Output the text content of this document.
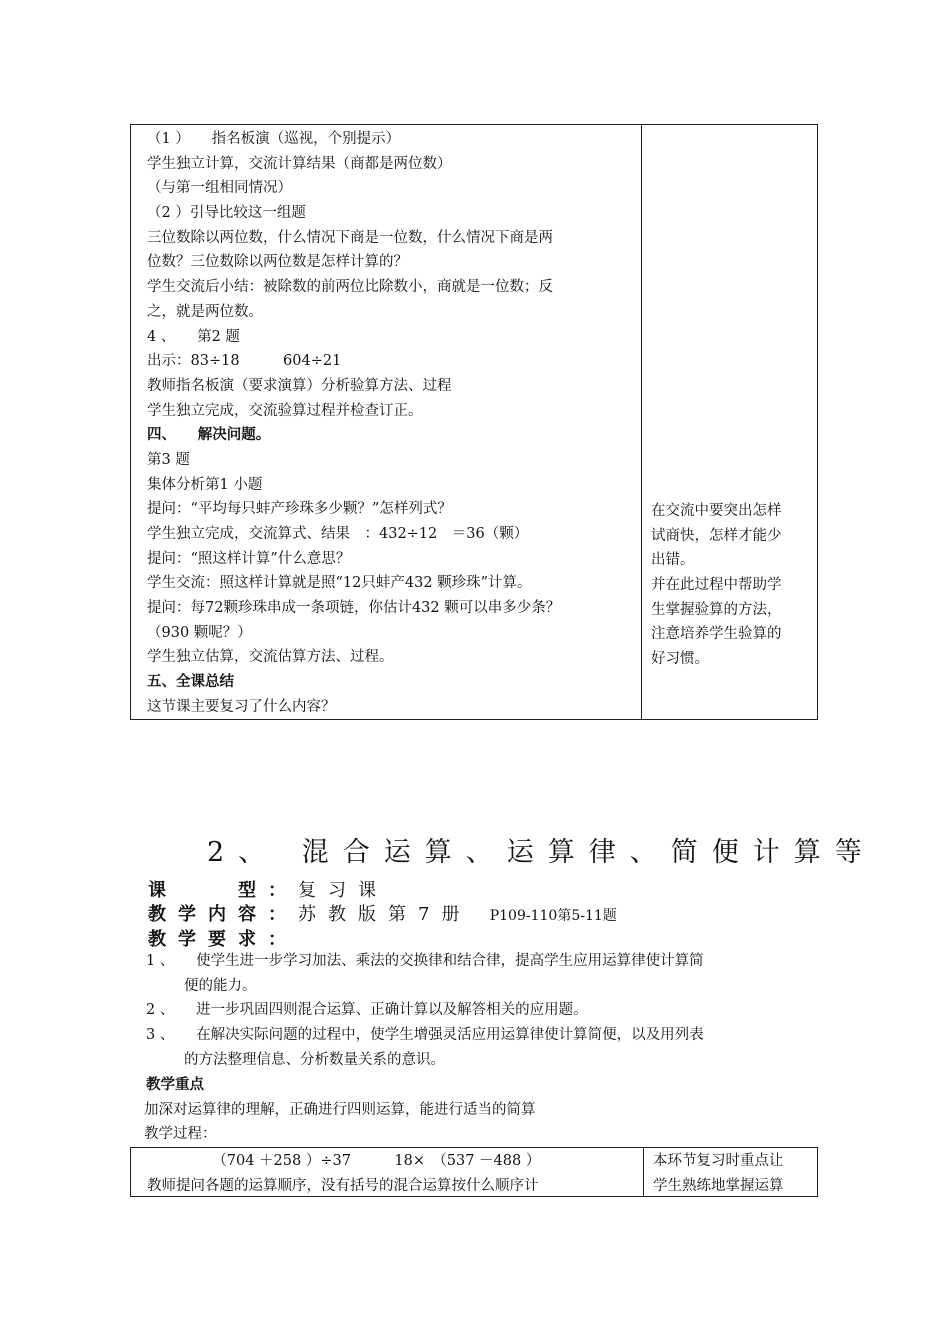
（1 ）　　指名板演（巡视，个别提示）
学生独立计算，交流计算结果（商都是两位数）
（与第一组相同情况）
（2 ）引导比较这一组题
三位数除以两位数，什么情况下商是一位数，什么情况下商是两
位数？三位数除以两位数是怎样计算的？
学生交流后小结：被除数的前两位比除数小，商就是一位数；反
之，就是两位数。
4 、　　第2 题
出示：83÷18　　　604÷21
教师指名板演（要求演算）分析验算方法、过程
学生独立完成，交流验算过程并检查订正。
四、　　解决问题。
第3 题
集体分析第1 小题
提问：“平均每只蚌产珍珠多少颗？”怎样列式？
学生独立完成，交流算式、结果　：432÷12　＝36（颗）
提问：“照这样计算”什么意思？
学生交流：照这样计算就是照“12只蚌产432 颗珍珠”计算。
提问：每72颗珍珠串成一条项链，你估计432 颗可以串多少条？
（930 颗呢？）
学生独立估算，交流估算方法、过程。
五、全课总结
这节课主要复习了什么内容？
在交流中要突出怎样
试商快，怎样才能少
出错。
并在此过程中帮助学
生掌握验算的方法，
注意培养学生验算的
好习惯。
2、 混合运算、运算律、简便计算等
课　　型：复习课
教学内容：苏教版第7册 P109-110第5-11题
教学要求：
1 、　　使学生进一步学习加法、乘法的交换律和结合律，提高学生应用运算律使计算简
便的能力。
2 、　　进一步巩固四则混合运算、正确计算以及解答相关的应用题。
3 、　　在解决实际问题的过程中，使学生增强灵活应用运算律使计算简便，以及用列表
的方法整理信息、分析数量关系的意识。
教学重点
加深对运算律的理解，正确进行四则运算，能进行适当的简算
教学过程：
　　　　　（704 ＋258 ）÷37　　　18×　（537 －488 ）
教师提问各题的运算顺序，没有括号的混合运算按什么顺序计
本环节复习时重点让
学生熟练地掌握运算
